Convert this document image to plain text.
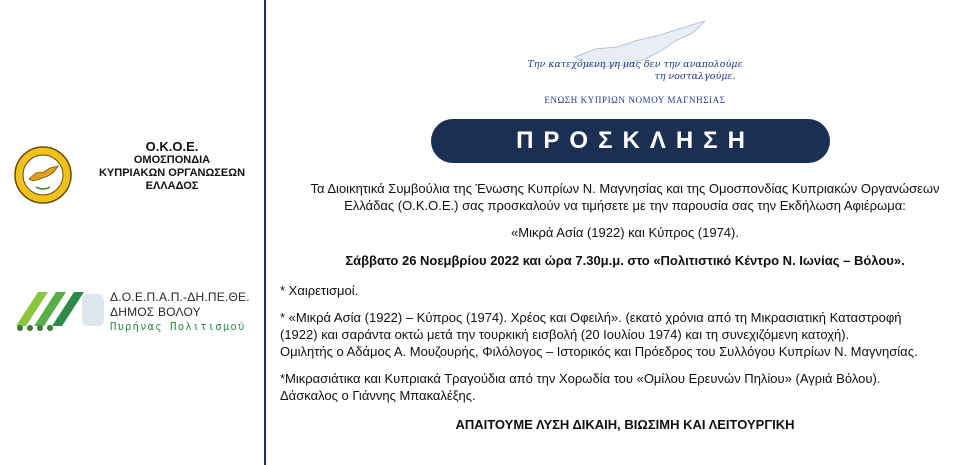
Ο.Κ.Ο.Ε.
ΟΜΟΣΠΟΝΔΙΑ
ΚΥΠΡΙΑΚΩΝ ΟΡΓΑΝΩΣΕΩΝ
ΕΛΛΑΔΟΣ
Δ.Ο.Ε.Π.Α.Π.-ΔΗ.ΠΕ.ΘΕ.
ΔΗΜΟΣ ΒΟΛΟΥ
Πυρήνας Πολιτισμού
Την κατεχόμενη γη μας δεν την αναπολούμε
τη νοσταλγούμε.
ΕΝΩΣΗ ΚΥΠΡΙΩΝ ΝΟΜΟΥ ΜΑΓΝΗΣΙΑΣ
ΠΡΟΣΚΛΗΣΗ
Τα Διοικητικά Συμβούλια της Ένωσης Κυπρίων Ν. Μαγνησίας και της Ομοσπονδίας Κυπριακών Οργανώσεων
Ελλάδας (Ο.Κ.Ο.Ε.) σας προσκαλούν να τιμήσετε με την παρουσία σας την Εκδήλωση Αφιέρωμα:
«Μικρά Ασία (1922) και Κύπρος (1974).
Σάββατο 26 Νοεμβρίου 2022 και ώρα 7.30μ.μ. στο «Πολιτιστικό Κέντρο Ν. Ιωνίας – Βόλου».
* Χαιρετισμοί.
* «Μικρά Ασία (1922) – Κύπρος (1974). Χρέος και Οφειλή». (εκατό χρόνια από τη Μικρασιατική Καταστροφή
(1922) και σαράντα οκτώ μετά την τουρκική εισβολή (20 Ιουλίου 1974) και τη συνεχιζόμενη κατοχή).
Ομιλητής ο Αδάμος Α. Μουζουρής, Φιλόλογος – Ιστορικός και Πρόεδρος του Συλλόγου Κυπρίων Ν. Μαγνησίας.
*Μικρασιάτικα και Κυπριακά Τραγούδια από την Χορωδία του «Ομίλου Ερευνών Πηλίου» (Αγριά Βόλου).
Δάσκαλος ο Γιάννης Μπακαλέξης.
ΑΠΑΙΤΟΥΜΕ ΛΥΣΗ ΔΙΚΑΙΗ, ΒΙΩΣΙΜΗ ΚΑΙ ΛΕΙΤΟΥΡΓΙΚΗ
